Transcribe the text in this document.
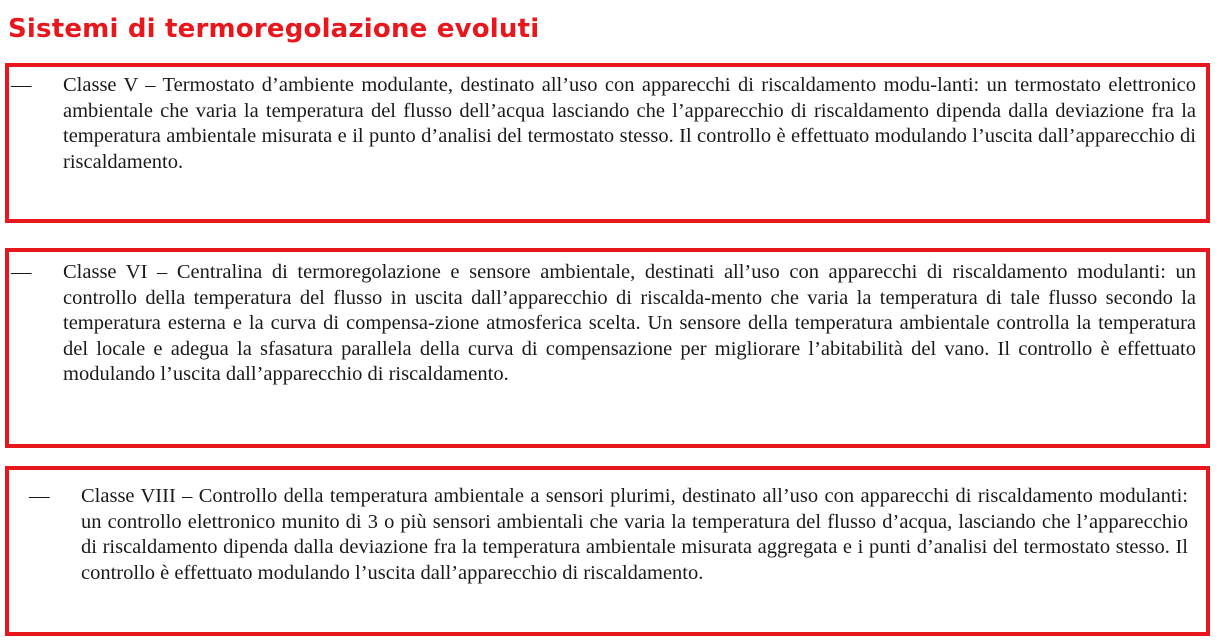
Sistemi di termoregolazione evoluti
—	Classe V – Termostato d’ambiente modulante, destinato all’uso con apparecchi di riscaldamento modu-lanti: un termostato elettronico ambientale che varia la temperatura del flusso dell’acqua lasciando che l’apparecchio di riscaldamento dipenda dalla deviazione fra la temperatura ambientale misurata e il punto d’analisi del termostato stesso. Il controllo è effettuato modulando l’uscita dall’apparecchio di riscaldamento.
—	Classe VI – Centralina di termoregolazione e sensore ambientale, destinati all’uso con apparecchi di riscaldamento modulanti: un controllo della temperatura del flusso in uscita dall’apparecchio di riscalda-mento che varia la temperatura di tale flusso secondo la temperatura esterna e la curva di compensa-zione atmosferica scelta. Un sensore della temperatura ambientale controlla la temperatura del locale e adegua la sfasatura parallela della curva di compensazione per migliorare l’abitabilità del vano. Il controllo è effettuato modulando l’uscita dall’apparecchio di riscaldamento.
—	Classe VIII – Controllo della temperatura ambientale a sensori plurimi, destinato all’uso con apparecchi di riscaldamento modulanti: un controllo elettronico munito di 3 o più sensori ambientali che varia la temperatura del flusso d’acqua, lasciando che l’apparecchio di riscaldamento dipenda dalla deviazione fra la temperatura ambientale misurata aggregata e i punti d’analisi del termostato stesso. Il controllo è effettuato modulando l’uscita dall’apparecchio di riscaldamento.
